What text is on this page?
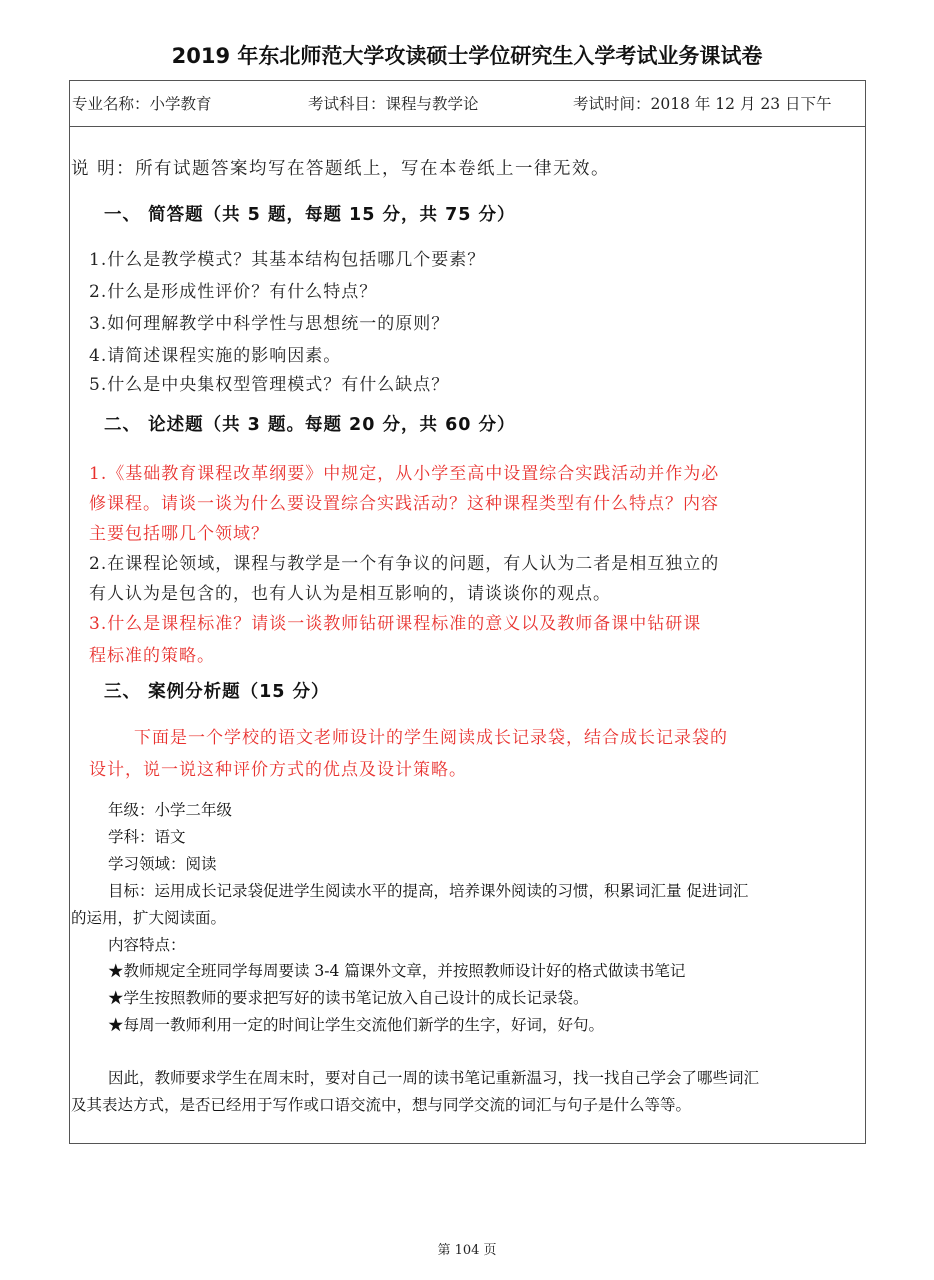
2019 年东北师范大学攻读硕士学位研究生入学考试业务课试卷
专业名称：小学教育	考试科目：课程与教学论	考试时间：2018 年 12 月 23 日下午
说 明：所有试题答案均写在答题纸上，写在本卷纸上一律无效。
一、 简答题（共 5 题，每题 15 分，共 75 分）
1.什么是教学模式？其基本结构包括哪几个要素？
2.什么是形成性评价？有什么特点？
3.如何理解教学中科学性与思想统一的原则？
4.请简述课程实施的影响因素。
5.什么是中央集权型管理模式？有什么缺点？
二、 论述题（共 3 题。每题 20 分，共 60 分）
1.《基础教育课程改革纲要》中规定，从小学至高中设置综合实践活动并作为必
修课程。请谈一谈为什么要设置综合实践活动？这种课程类型有什么特点？内容
主要包括哪几个领域？
2.在课程论领域，课程与教学是一个有争议的问题，有人认为二者是相互独立的
有人认为是包含的，也有人认为是相互影响的，请谈谈你的观点。
3.什么是课程标准？请谈一谈教师钻研课程标准的意义以及教师备课中钻研课
程标准的策略。
三、 案例分析题（15 分）
下面是一个学校的语文老师设计的学生阅读成长记录袋，结合成长记录袋的
设计，说一说这种评价方式的优点及设计策略。
年级：小学二年级
学科：语文
学习领域：阅读
目标：运用成长记录袋促进学生阅读水平的提高，培养课外阅读的习惯，积累词汇量 促进词汇
的运用，扩大阅读面。
内容特点：
★教师规定全班同学每周要读 3-4 篇课外文章，并按照教师设计好的格式做读书笔记
★学生按照教师的要求把写好的读书笔记放入自己设计的成长记录袋。
★每周一教师利用一定的时间让学生交流他们新学的生字，好词，好句。
因此，教师要求学生在周末时，要对自己一周的读书笔记重新温习，找一找自己学会了哪些词汇
及其表达方式，是否已经用于写作或口语交流中，想与同学交流的词汇与句子是什么等等。
第 104 页
